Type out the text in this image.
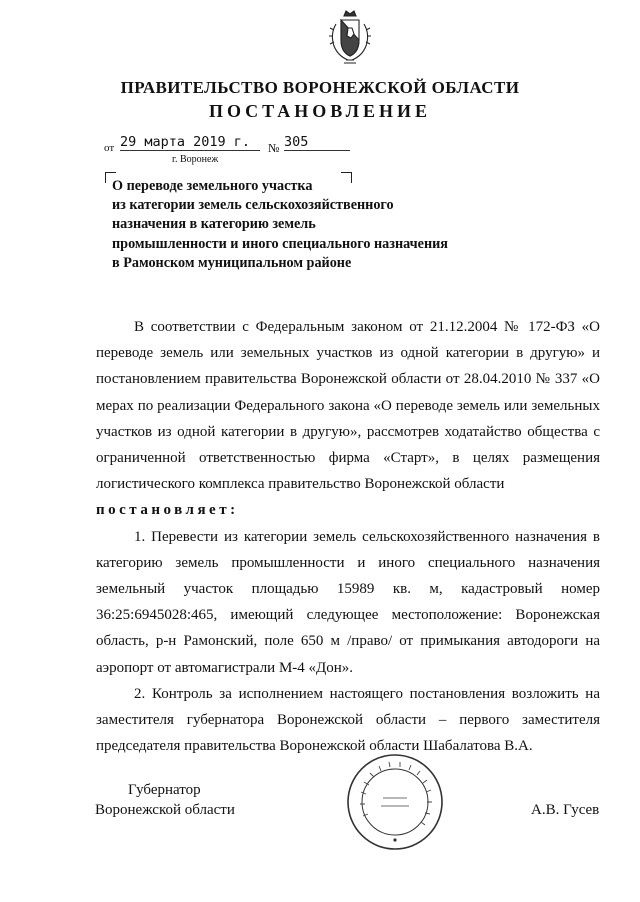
ПРАВИТЕЛЬСТВО ВОРОНЕЖСКОЙ ОБЛАСТИ
ПОСТАНОВЛЕНИЕ
от 29 марта 2019 г.
г. Воронеж
№ 305
О переводе земельного участка
из категории земель сельскохозяйственного
назначения в категорию земель
промышленности и иного специального назначения
в Рамонском муниципальном районе

В соответствии с Федеральным законом от 21.12.2004 № 172-ФЗ «О переводе земель или земельных участков из одной категории в другую» и постановлением правительства Воронежской области от 28.04.2010 № 337 «О мерах по реализации Федерального закона «О переводе земель или земельных участков из одной категории в другую», рассмотрев ходатайство общества с ограниченной ответственностью фирма «Старт», в целях размещения логистического комплекса правительство Воронежской области

постановляет:

1. Перевести из категории земель сельскохозяйственного назначения в категорию земель промышленности и иного специального назначения земельный участок площадью 15989 кв. м, кадастровый номер 36:25:6945028:465, имеющий следующее местоположение: Воронежская область, р-н Рамонский, поле 650 м /право/ от примыкания автодороги на аэропорт от автомагистрали М-4 «Дон».

2. Контроль за исполнением настоящего постановления возложить на заместителя губернатора Воронежской области – первого заместителя председателя правительства Воронежской области Шабалатова В.А.

Губернатор
Воронежской области	А.В. Гусев
